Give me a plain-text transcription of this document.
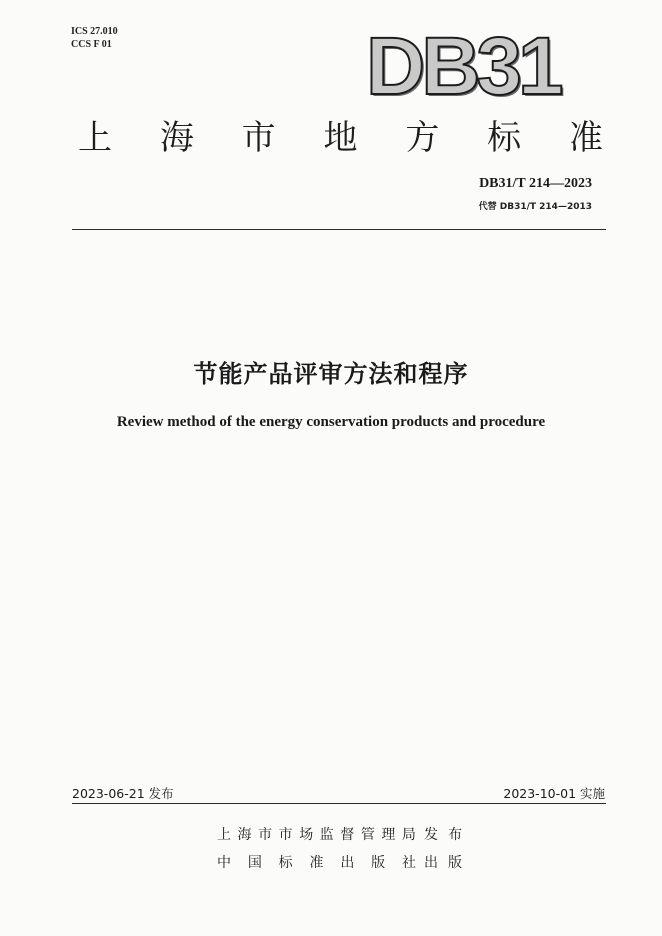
ICS 27.010
CCS F 01	DB31
上 海 市 地 方 标 准
DB31/T 214—2023
代替 DB31/T 214—2013
节能产品评审方法和程序
Review method of the energy conservation products and procedure
2023-06-21 发布	2023-10-01 实施
上 海 市 市 场 监 督 管 理 局 发 布
中 国 标 准 出 版 社 出 版
